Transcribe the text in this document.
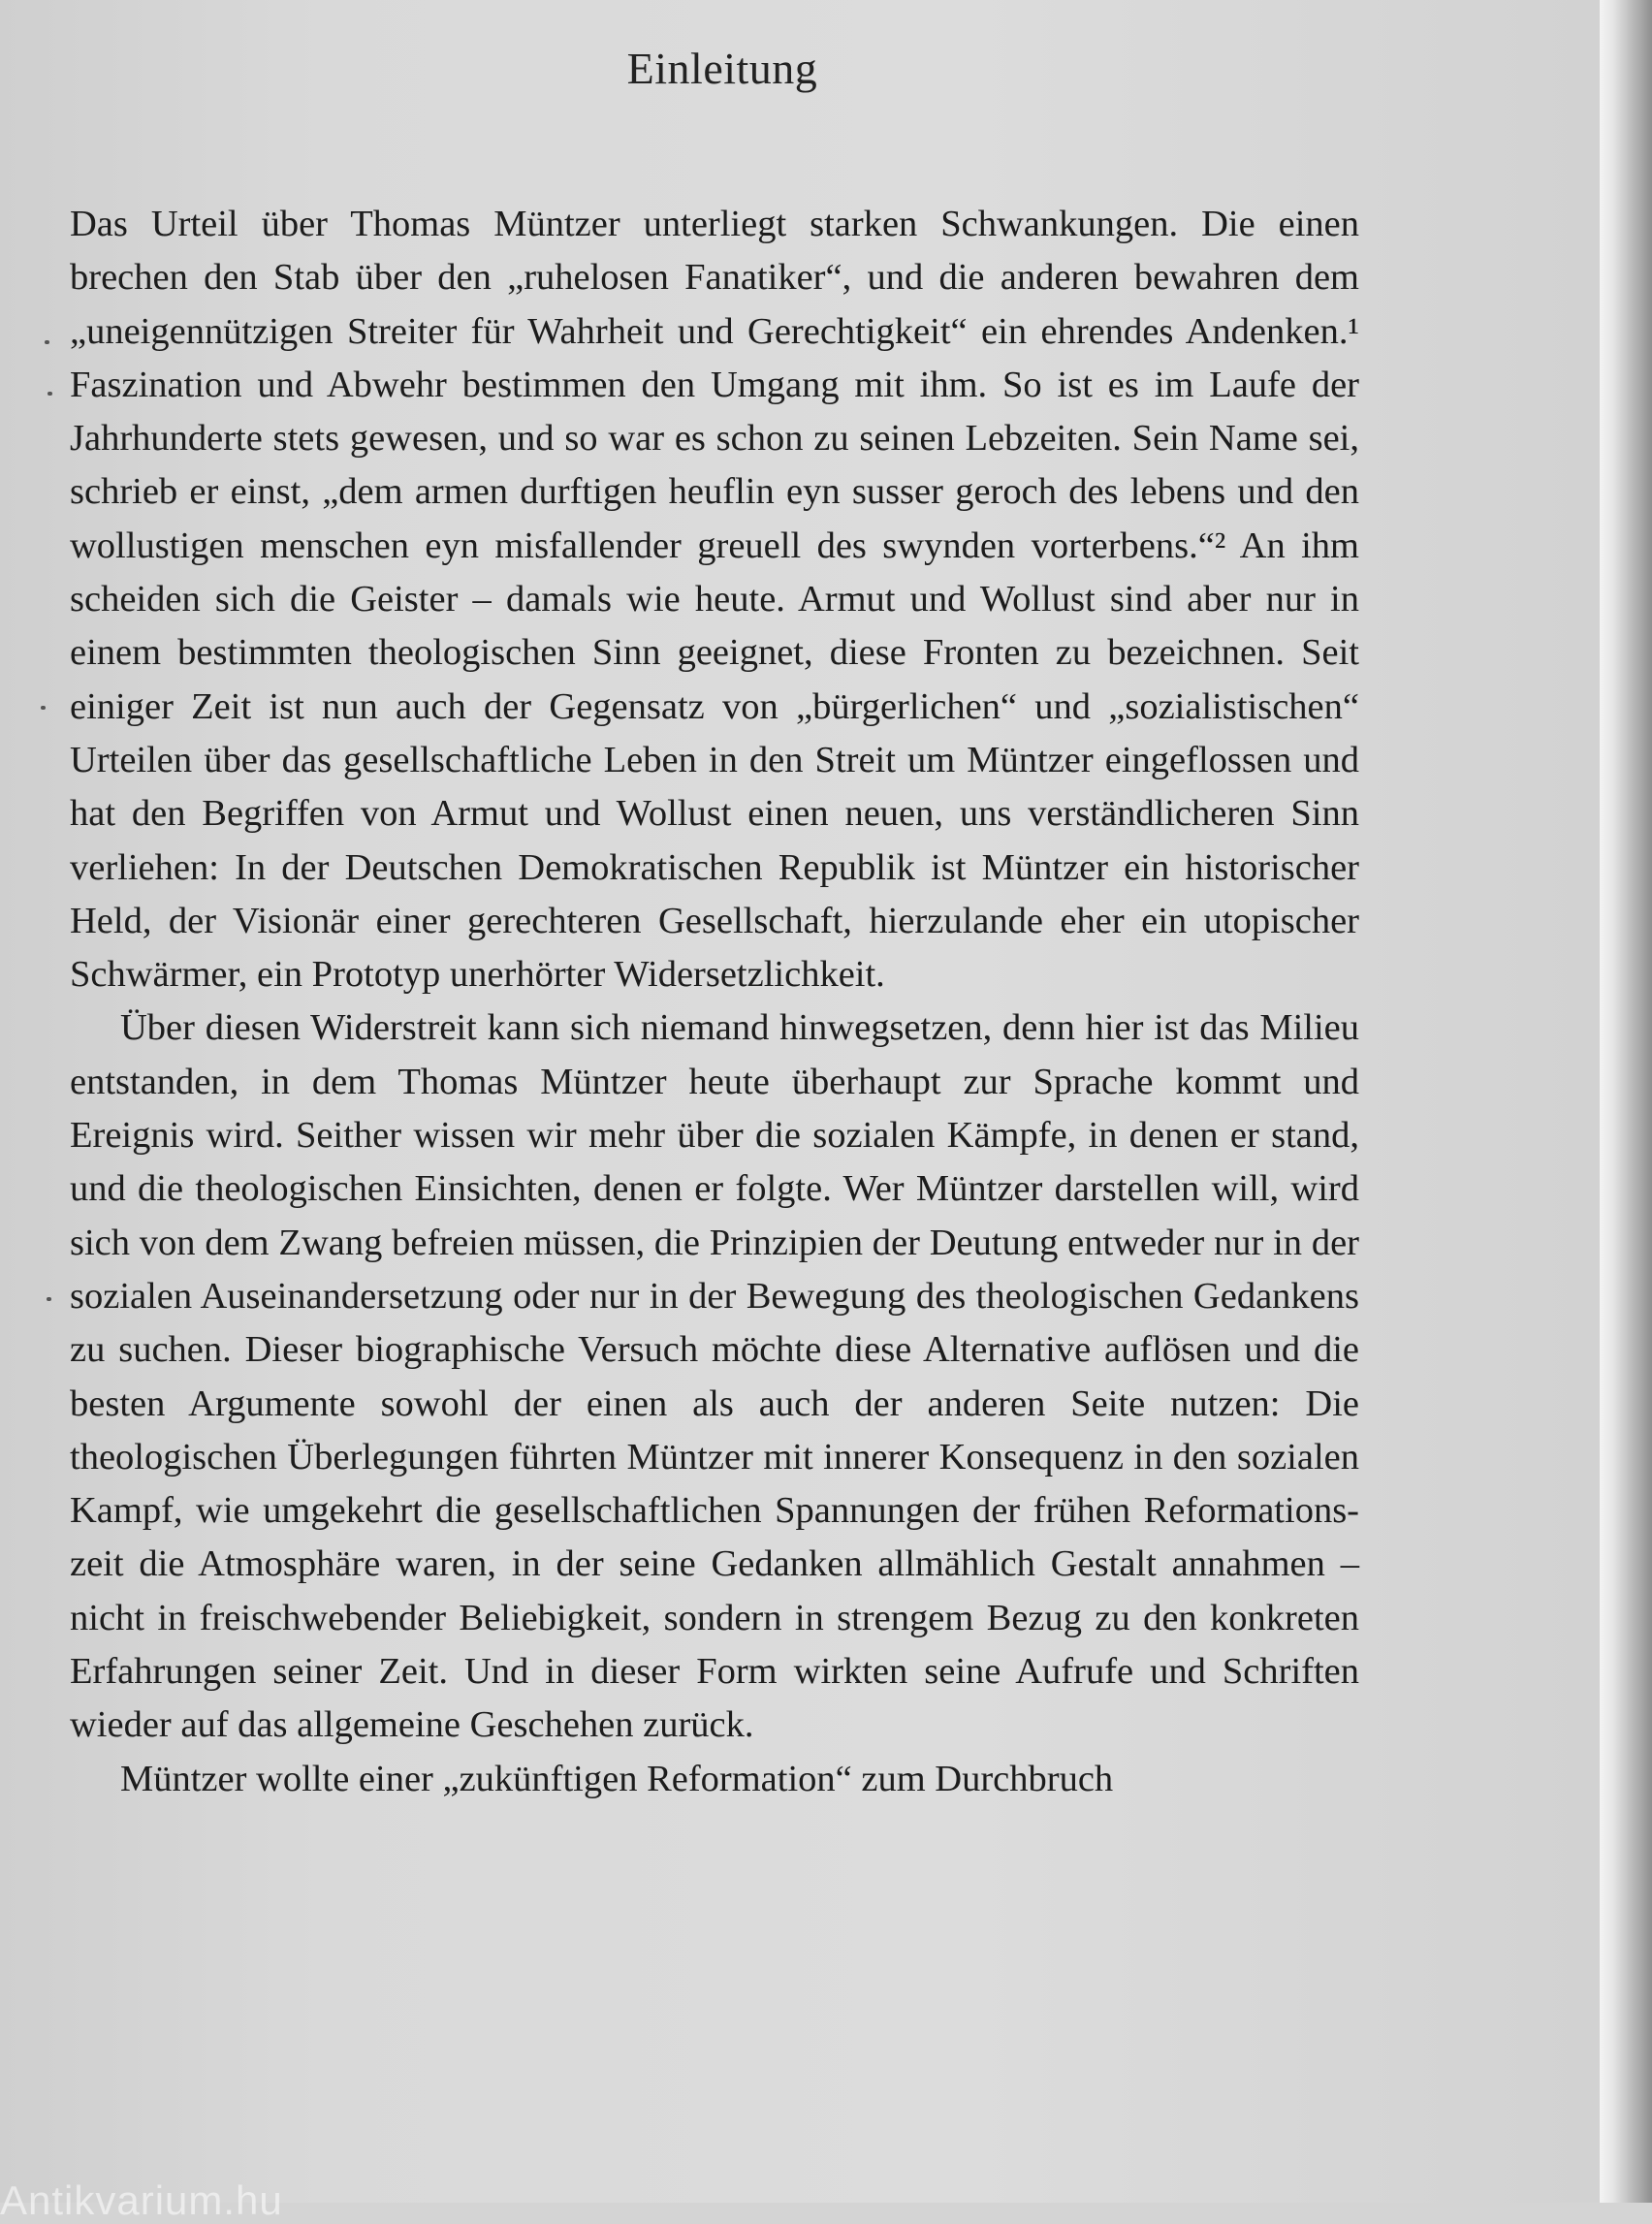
Einleitung

Das Urteil über Thomas Müntzer unterliegt starken Schwankungen. Die einen brechen den Stab über den „ruhelosen Fanatiker“, und die anderen bewahren dem „uneigennützigen Streiter für Wahrheit und Gerechtigkeit“ ein ehrendes Andenken.¹ Faszination und Abwehr bestimmen den Umgang mit ihm. So ist es im Laufe der Jahrhunderte stets gewesen, und so war es schon zu seinen Lebzeiten. Sein Name sei, schrieb er einst, „dem armen durftigen heuflin eyn susser geroch des lebens und den wollustigen menschen eyn misfallender greuell des swynden vorterbens.“² An ihm scheiden sich die Geister – damals wie heute. Armut und Wollust sind aber nur in einem bestimmten theologischen Sinn geeignet, diese Fronten zu bezeichnen. Seit einiger Zeit ist nun auch der Gegensatz von „bürgerlichen“ und „sozialistischen“ Urteilen über das gesellschaftliche Leben in den Streit um Müntzer eingeflossen und hat den Begriffen von Armut und Wollust einen neuen, uns verständlicheren Sinn verliehen: In der Deutschen Demokratischen Republik ist Müntzer ein historischer Held, der Visionär einer gerechteren Gesellschaft, hierzulande eher ein utopischer Schwärmer, ein Prototyp unerhörter Widersetzlichkeit.

Über diesen Widerstreit kann sich niemand hinwegsetzen, denn hier ist das Milieu entstanden, in dem Thomas Müntzer heute überhaupt zur Sprache kommt und Ereignis wird. Seither wissen wir mehr über die sozialen Kämpfe, in denen er stand, und die theologischen Einsichten, denen er folgte. Wer Müntzer darstellen will, wird sich von dem Zwang befreien müssen, die Prinzipien der Deutung entweder nur in der sozialen Auseinandersetzung oder nur in der Bewegung des theologischen Gedankens zu suchen. Dieser biographische Versuch möchte diese Alternative auflösen und die besten Argumente sowohl der einen als auch der anderen Seite nutzen: Die theologischen Überlegungen führten Müntzer mit innerer Konsequenz in den sozialen Kampf, wie umgekehrt die gesellschaftlichen Spannungen der frühen Reformationszeit die Atmosphäre waren, in der seine Gedanken allmählich Gestalt annahmen – nicht in freischwebender Beliebigkeit, sondern in strengem Bezug zu den konkreten Erfahrungen seiner Zeit. Und in dieser Form wirkten seine Aufrufe und Schriften wieder auf das allgemeine Geschehen zurück.

Müntzer wollte einer „zukünftigen Reformation“ zum Durchbruch

Antikvarium.hu
